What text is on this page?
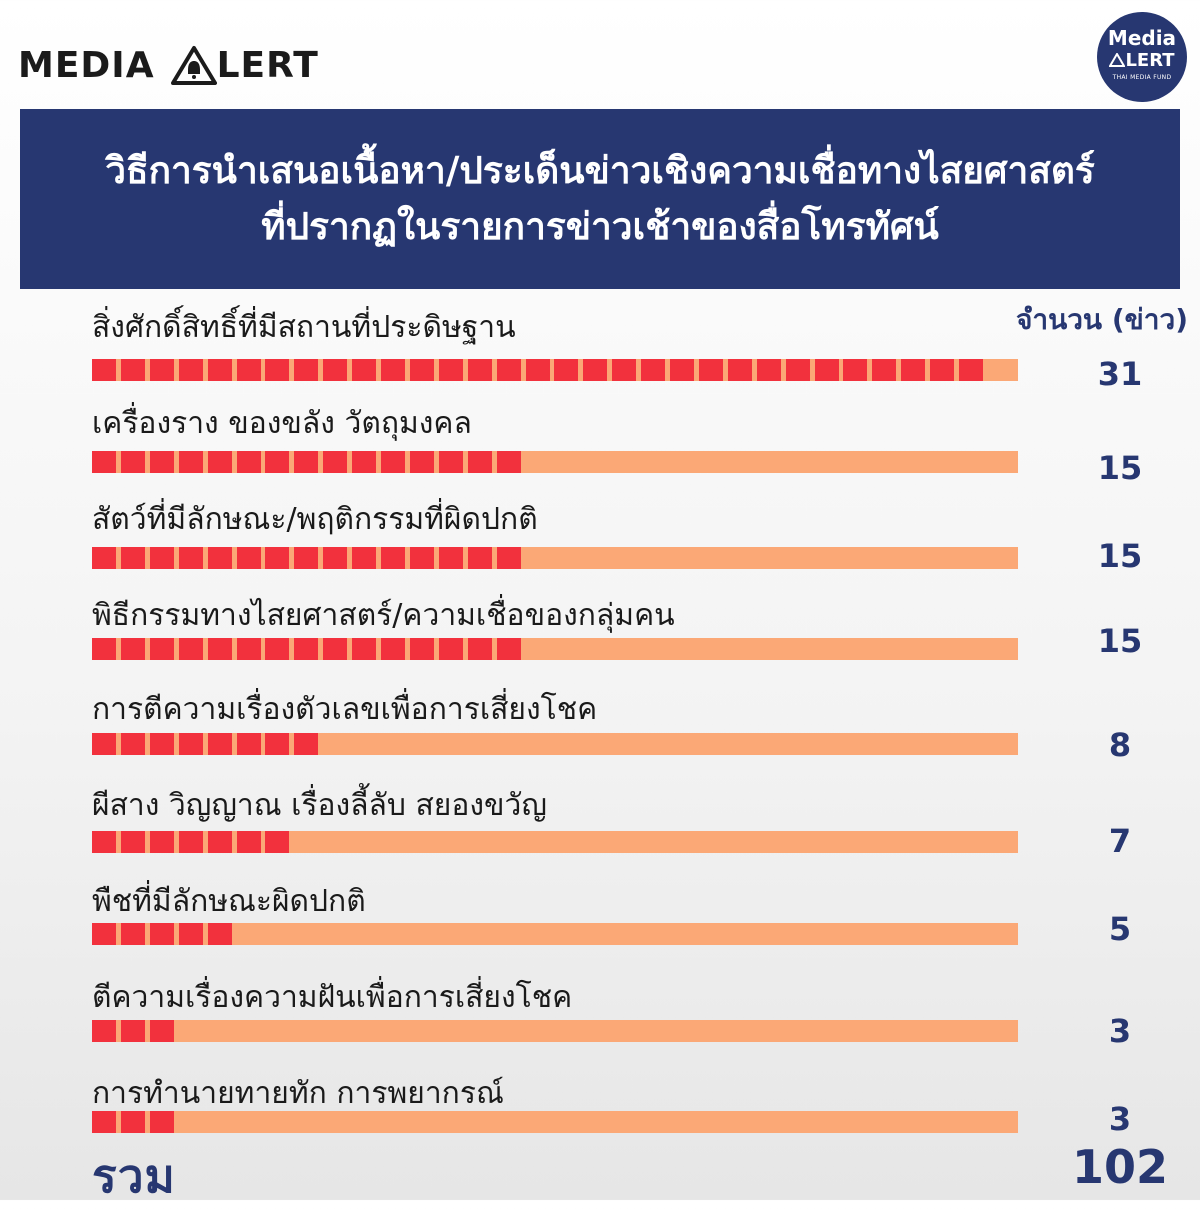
MEDIA LERT
Media
LERT
THAI MEDIA FUND
วิธีการนำเสนอเนื้อหา/ประเด็นข่าวเชิงความเชื่อทางไสยศาสตร์
ที่ปรากฏในรายการข่าวเช้าของสื่อโทรทัศน์
จำนวน (ข่าว)
สิ่งศักดิ์สิทธิ์ที่มีสถานที่ประดิษฐาน
31
เครื่องราง ของขลัง วัตถุมงคล
15
สัตว์ที่มีลักษณะ/พฤติกรรมที่ผิดปกติ
15
พิธีกรรมทางไสยศาสตร์/ความเชื่อของกลุ่มคน
15
การตีความเรื่องตัวเลขเพื่อการเสี่ยงโชค
8
ผีสาง วิญญาณ เรื่องลี้ลับ สยองขวัญ
7
พืชที่มีลักษณะผิดปกติ
5
ตีความเรื่องความฝันเพื่อการเสี่ยงโชค
3
การทำนายทายทัก การพยากรณ์
3
รวม	102
